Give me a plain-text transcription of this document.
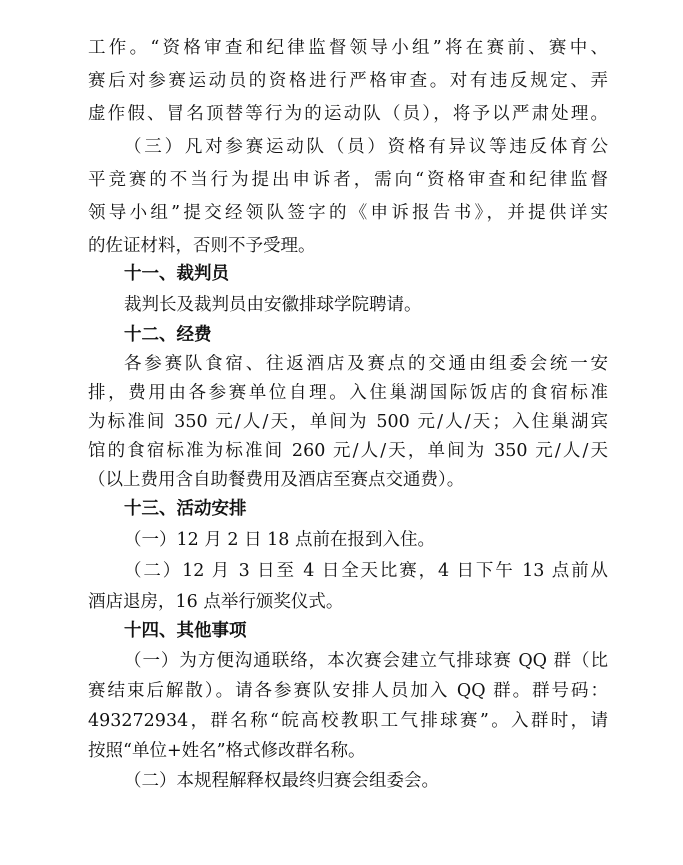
工作。“资格审查和纪律监督领导小组”将在赛前、赛中、
赛后对参赛运动员的资格进行严格审查。对有违反规定、弄
虚作假、冒名顶替等行为的运动队（员），将予以严肃处理。
（三）凡对参赛运动队（员）资格有异议等违反体育公
平竞赛的不当行为提出申诉者，需向“资格审查和纪律监督
领导小组”提交经领队签字的《申诉报告书》，并提供详实
的佐证材料，否则不予受理。
十一、裁判员
裁判长及裁判员由安徽排球学院聘请。
十二、经费
各参赛队食宿、往返酒店及赛点的交通由组委会统一安
排，费用由各参赛单位自理。入住巢湖国际饭店的食宿标准
为标准间 350 元/人/天，单间为 500 元/人/天；入住巢湖宾
馆的食宿标准为标准间 260 元/人/天，单间为 350 元/人/天
（以上费用含自助餐费用及酒店至赛点交通费）。
十三、活动安排
（一）12 月 2 日 18 点前在报到入住。
（二）12 月 3 日至 4 日全天比赛，4 日下午 13 点前从
酒店退房，16 点举行颁奖仪式。
十四、其他事项
（一）为方便沟通联络，本次赛会建立气排球赛 QQ 群（比
赛结束后解散）。请各参赛队安排人员加入 QQ 群。群号码：
493272934，群名称“皖高校教职工气排球赛”。入群时，请
按照“单位+姓名”格式修改群名称。
（二）本规程解释权最终归赛会组委会。
